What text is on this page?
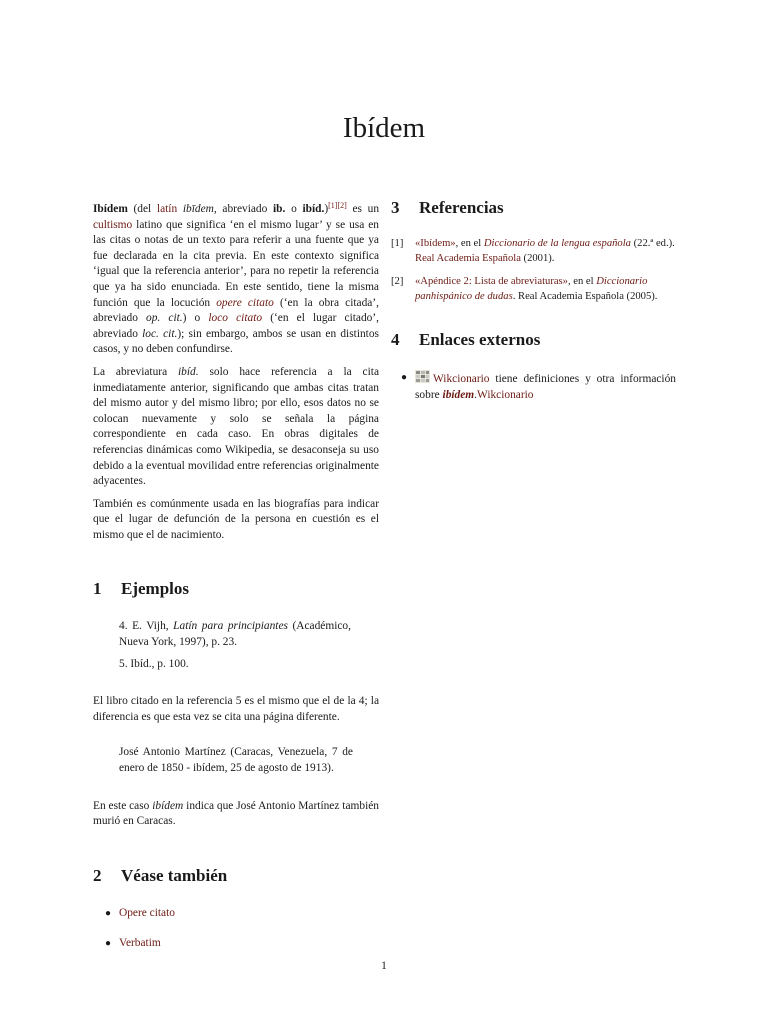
Ibídem

Ibídem (del latín ibīdem, abreviado ib. o ibíd.)[1][2] es un cultismo latino que significa ‘en el mismo lugar’ y se usa en las citas o notas de un texto para referir a una fuente que ya fue declarada en la cita previa. En este contexto significa ‘igual que la referencia anterior’, para no repetir la referencia que ya ha sido enunciada. En este sentido, tiene la misma función que la locución opere citato (‘en la obra citada’, abreviado op. cit.) o loco citato (‘en el lugar citado’, abreviado loc. cit.); sin embargo, ambos se usan en distintos casos, y no deben confundirse.

La abreviatura ibíd. solo hace referencia a la cita inmediatamente anterior, significando que ambas citas tratan del mismo autor y del mismo libro; por ello, esos datos no se colocan nuevamente y solo se señala la página correspondiente en cada caso. En obras digitales de referencias dinámicas como Wikipedia, se desaconseja su uso debido a la eventual movilidad entre referencias originalmente adyacentes.

También es comúnmente usada en las biografías para indicar que el lugar de defunción de la persona en cuestión es el mismo que el de nacimiento.

1	Ejemplos

4. E. Vijh, Latín para principiantes (Académico, Nueva York, 1997), p. 23.

5. Ibíd., p. 100.

El libro citado en la referencia 5 es el mismo que el de la 4; la diferencia es que esta vez se cita una página diferente.

José Antonio Martínez (Caracas, Venezuela, 7 de enero de 1850 - ibídem, 25 de agosto de 1913).

En este caso ibídem indica que José Antonio Martínez también murió en Caracas.

2	Véase también
● Opere citato
● Verbatim
3	Referencias
[1]	«Ibídem», en el Diccionario de la lengua española (22.ª ed.). Real Academia Española (2001).
[2]	«Apéndice 2: Lista de abreviaturas», en el Diccionario panhispánico de dudas. Real Academia Española (2005).
4	Enlaces externos
●	Wikcionario tiene definiciones y otra información sobre ibídem.Wikcionario
1
